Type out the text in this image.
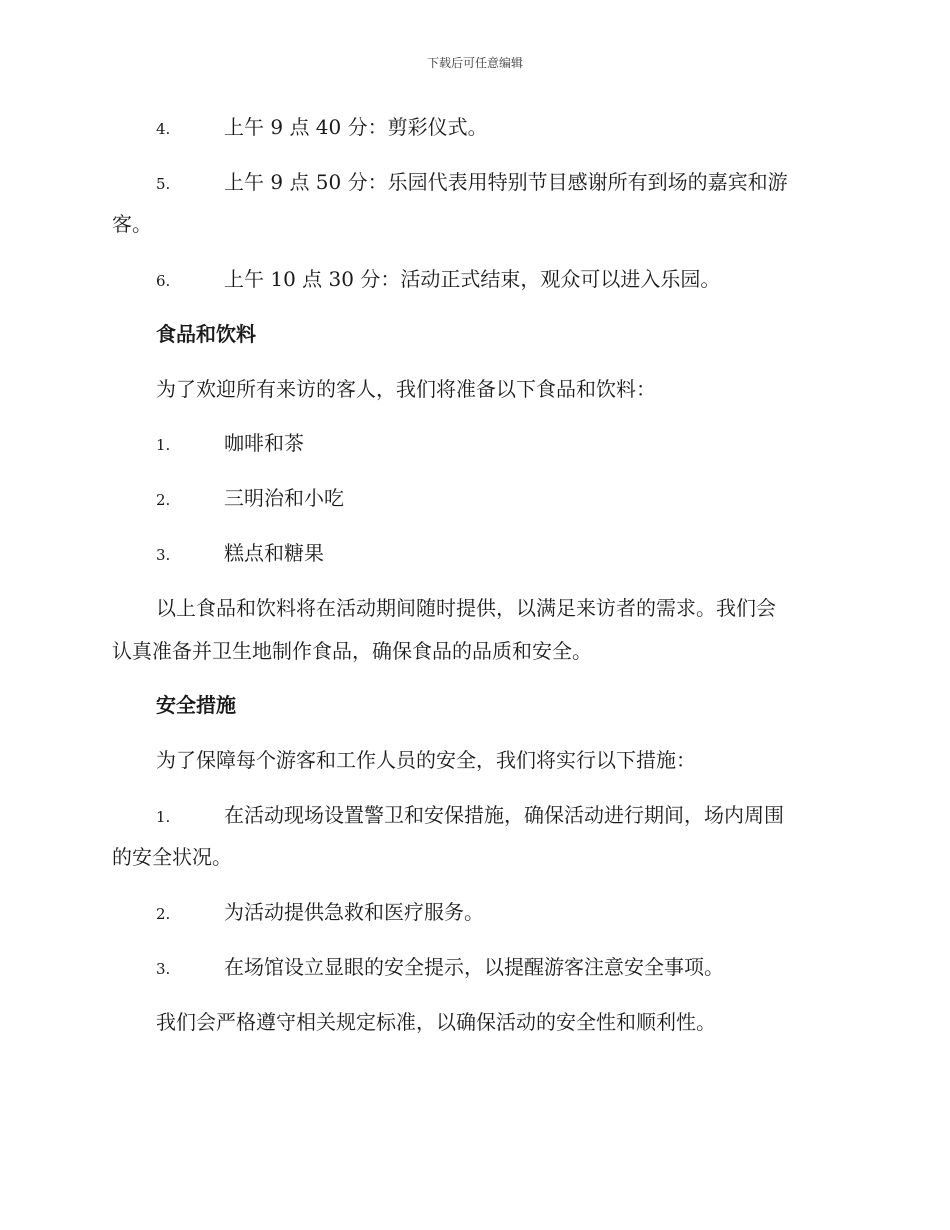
下载后可任意编辑
4.	上午 9 点 40 分：剪彩仪式。
5.	上午 9 点 50 分：乐园代表用特别节目感谢所有到场的嘉宾和游
客。
6.	上午 10 点 30 分：活动正式结束，观众可以进入乐园。
食品和饮料
为了欢迎所有来访的客人，我们将准备以下食品和饮料：
1.	咖啡和茶
2.	三明治和小吃
3.	糕点和糖果
以上食品和饮料将在活动期间随时提供，以满足来访者的需求。我们会
认真准备并卫生地制作食品，确保食品的品质和安全。
安全措施
为了保障每个游客和工作人员的安全，我们将实行以下措施：
1.	在活动现场设置警卫和安保措施，确保活动进行期间，场内周围
的安全状况。
2.	为活动提供急救和医疗服务。
3.	在场馆设立显眼的安全提示，以提醒游客注意安全事项。
我们会严格遵守相关规定标准，以确保活动的安全性和顺利性。
